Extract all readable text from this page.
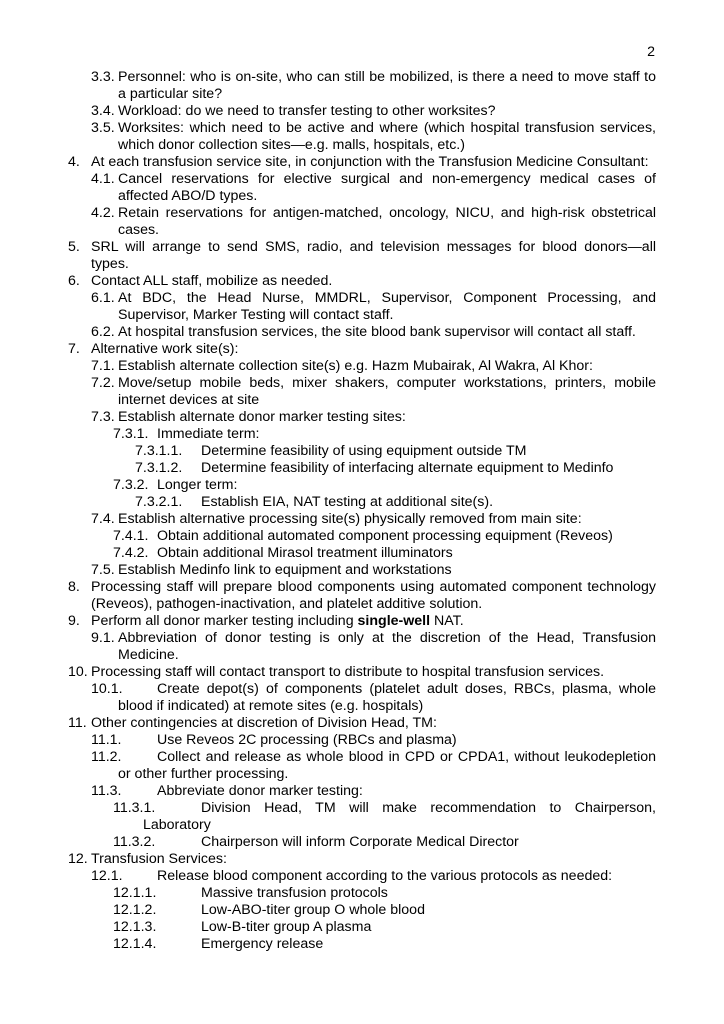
2
3.3. Personnel: who is on-site, who can still be mobilized, is there a need to move staff to a particular site?
3.4. Workload: do we need to transfer testing to other worksites?
3.5. Worksites: which need to be active and where (which hospital transfusion services, which donor collection sites—e.g. malls, hospitals, etc.)
4. At each transfusion service site, in conjunction with the Transfusion Medicine Consultant:
4.1. Cancel reservations for elective surgical and non-emergency medical cases of affected ABO/D types.
4.2. Retain reservations for antigen-matched, oncology, NICU, and high-risk obstetrical cases.
5. SRL will arrange to send SMS, radio, and television messages for blood donors—all types.
6. Contact ALL staff, mobilize as needed.
6.1. At BDC, the Head Nurse, MMDRL, Supervisor, Component Processing, and Supervisor, Marker Testing will contact staff.
6.2. At hospital transfusion services, the site blood bank supervisor will contact all staff.
7. Alternative work site(s):
7.1. Establish alternate collection site(s) e.g. Hazm Mubairak, Al Wakra, Al Khor:
7.2. Move/setup mobile beds, mixer shakers, computer workstations, printers, mobile internet devices at site
7.3. Establish alternate donor marker testing sites:
7.3.1. Immediate term:
7.3.1.1. Determine feasibility of using equipment outside TM
7.3.1.2. Determine feasibility of interfacing alternate equipment to Medinfo
7.3.2. Longer term:
7.3.2.1. Establish EIA, NAT testing at additional site(s).
7.4. Establish alternative processing site(s) physically removed from main site:
7.4.1. Obtain additional automated component processing equipment (Reveos)
7.4.2. Obtain additional Mirasol treatment illuminators
7.5. Establish Medinfo link to equipment and workstations
8. Processing staff will prepare blood components using automated component technology (Reveos), pathogen-inactivation, and platelet additive solution.
9. Perform all donor marker testing including single-well NAT.
9.1. Abbreviation of donor testing is only at the discretion of the Head, Transfusion Medicine.
10. Processing staff will contact transport to distribute to hospital transfusion services.
10.1.	Create depot(s) of components (platelet adult doses, RBCs, plasma, whole blood if indicated) at remote sites (e.g. hospitals)
11. Other contingencies at discretion of Division Head, TM:
11.1.	Use Reveos 2C processing (RBCs and plasma)
11.2.	Collect and release as whole blood in CPD or CPDA1, without leukodepletion or other further processing.
11.3.	Abbreviate donor marker testing:
11.3.1.	Division Head, TM will make recommendation to Chairperson, Laboratory
11.3.2.	Chairperson will inform Corporate Medical Director
12. Transfusion Services:
12.1.	Release blood component according to the various protocols as needed:
12.1.1.	Massive transfusion protocols
12.1.2.	Low-ABO-titer group O whole blood
12.1.3.	Low-B-titer group A plasma
12.1.4.	Emergency release
